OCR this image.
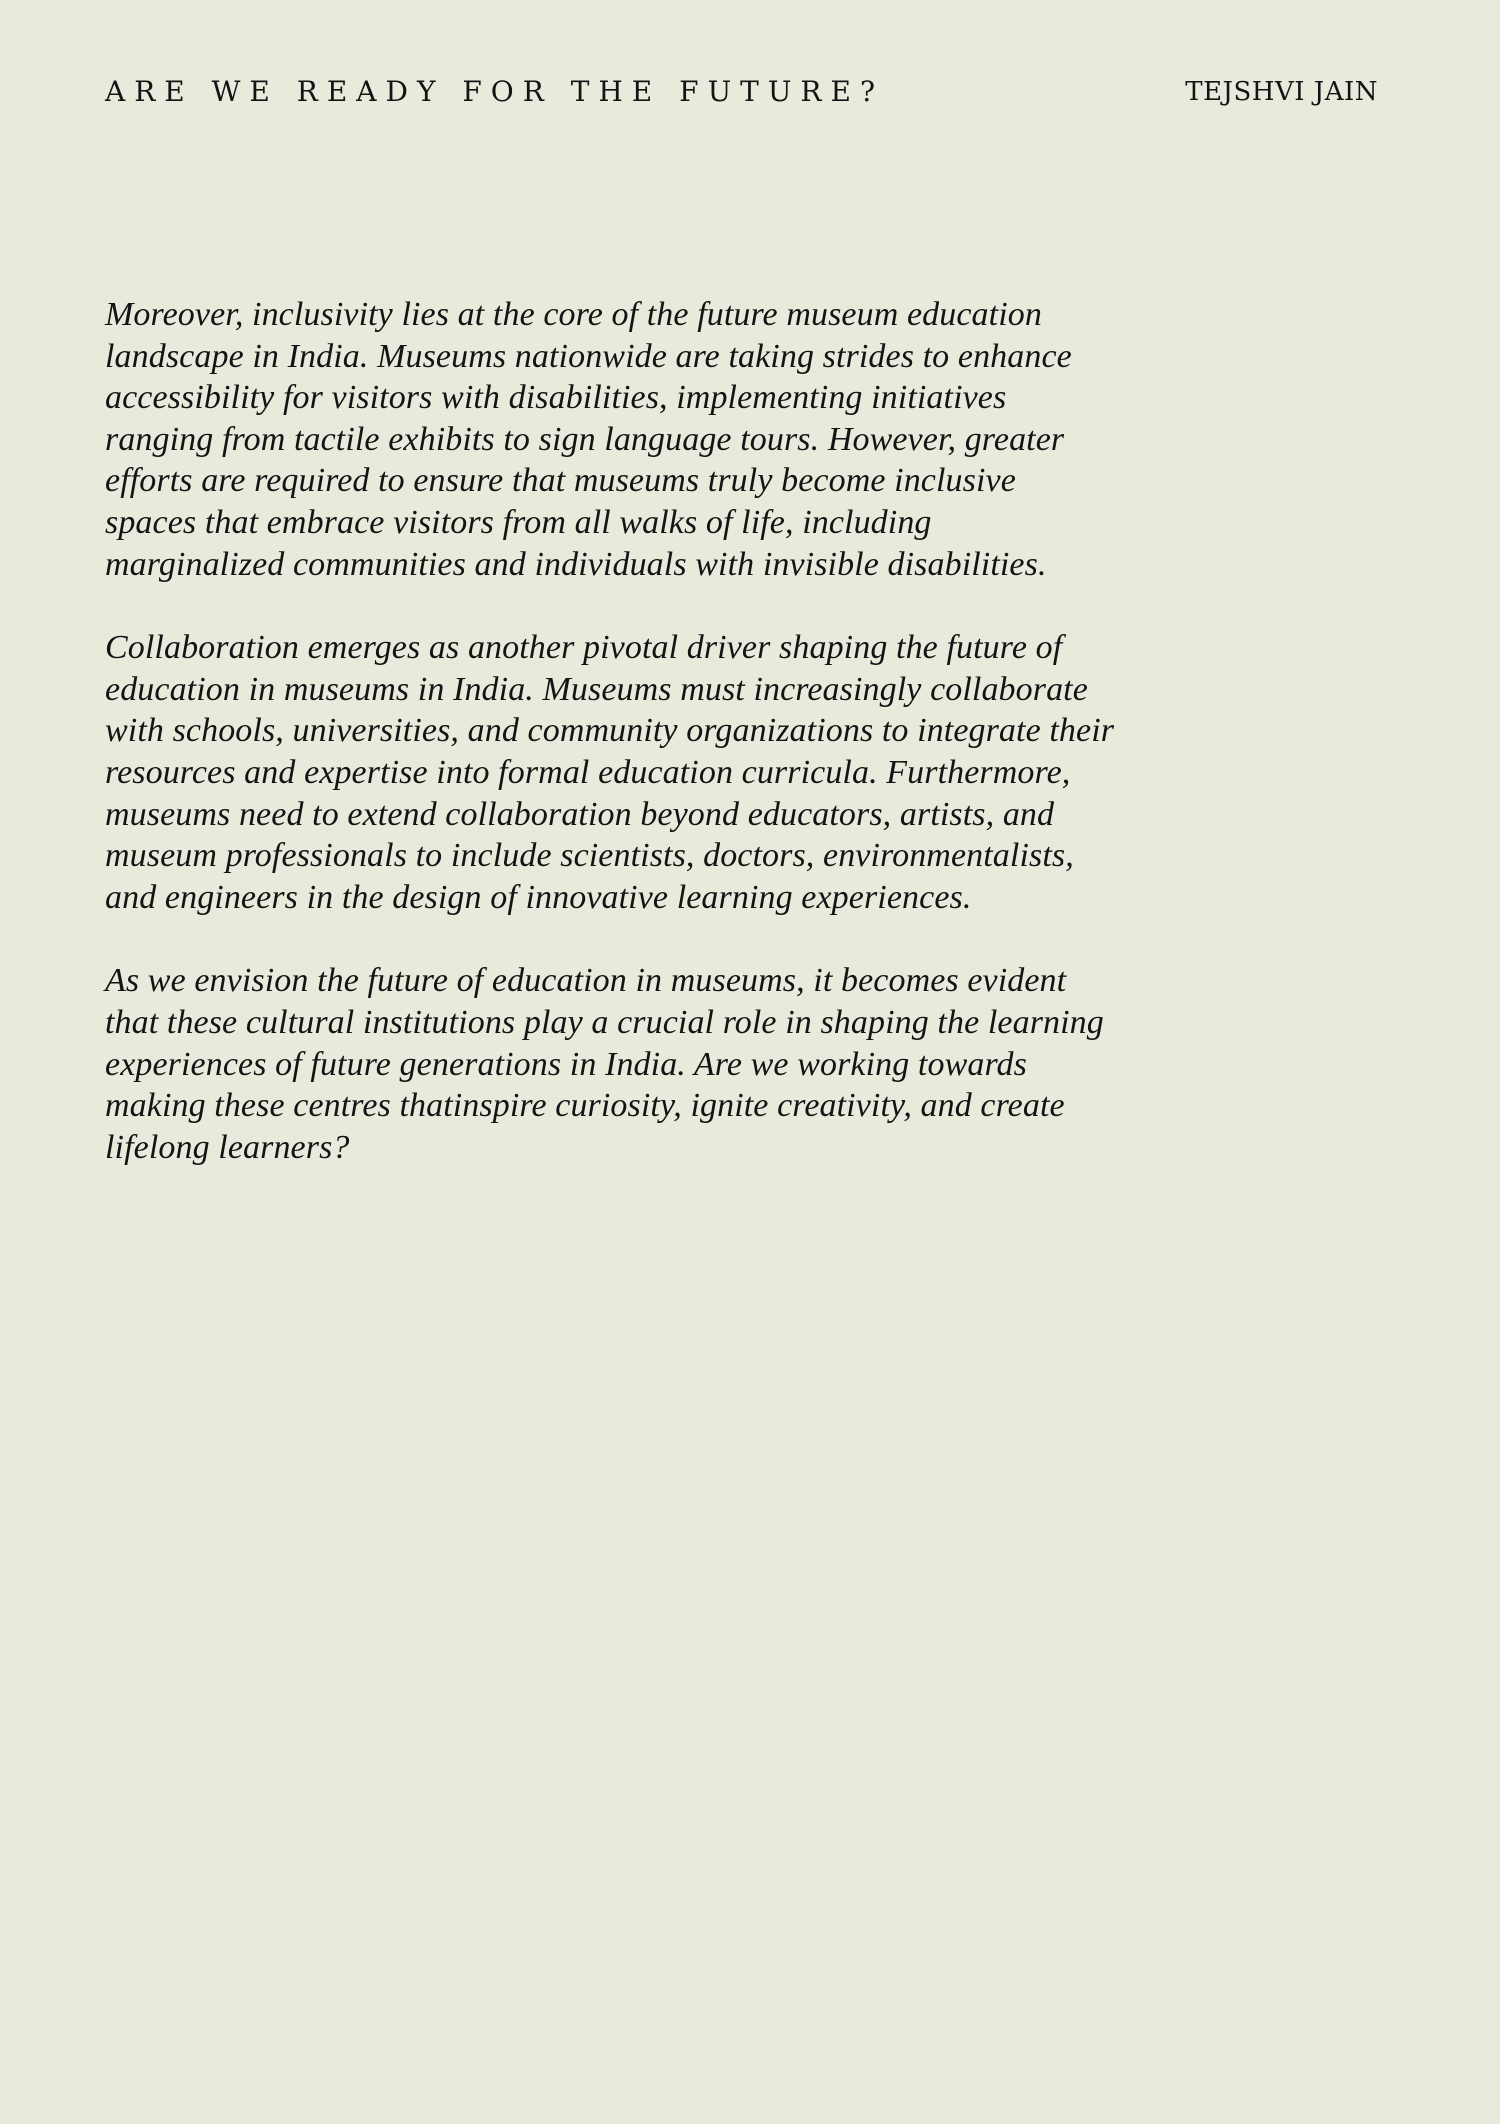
ARE WE READY FOR THE FUTURE?	TEJSHVI JAIN

Moreover, inclusivity lies at the core of the future museum education landscape in India. Museums nationwide are taking strides to enhance accessibility for visitors with disabilities, implementing initiatives ranging from tactile exhibits to sign language tours. However, greater efforts are required to ensure that museums truly become inclusive spaces that embrace visitors from all walks of life, including marginalized communities and individuals with invisible disabilities.

Collaboration emerges as another pivotal driver shaping the future of education in museums in India. Museums must increasingly collaborate with schools, universities, and community organizations to integrate their resources and expertise into formal education curricula. Furthermore, museums need to extend collaboration beyond educators, artists, and museum professionals to include scientists, doctors, environmentalists, and engineers in the design of innovative learning experiences.

As we envision the future of education in museums, it becomes evident that these cultural institutions play a crucial role in shaping the learning experiences of future generations in India. Are we working towards making these centres thatinspire curiosity, ignite creativity, and create lifelong learners?
